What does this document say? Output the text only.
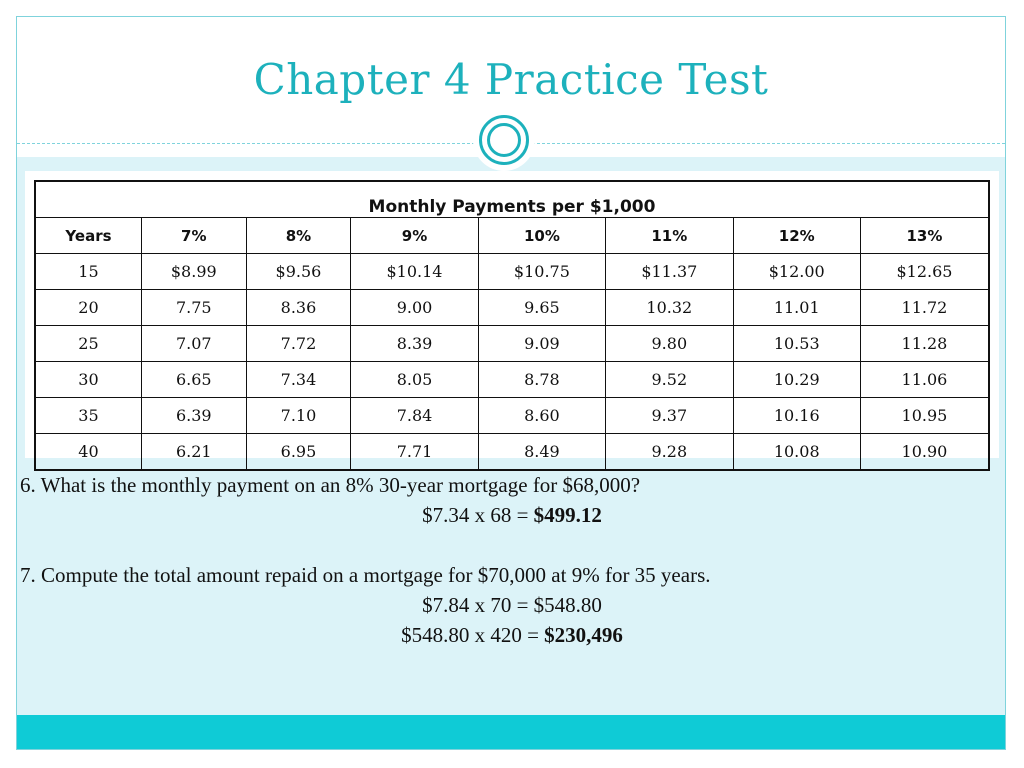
Chapter 4 Practice Test
Monthly Payments per $1,000							
Years	7%	8%	9%	10%	11%	12%	13%
15	$8.99	$9.56	$10.14	$10.75	$11.37	$12.00	$12.65
20	7.75	8.36	9.00	9.65	10.32	11.01	11.72
25	7.07	7.72	8.39	9.09	9.80	10.53	11.28
30	6.65	7.34	8.05	8.78	9.52	10.29	11.06
35	6.39	7.10	7.84	8.60	9.37	10.16	10.95
40	6.21	6.95	7.71	8.49	9.28	10.08	10.90
6. What is the monthly payment on an 8% 30-year mortgage for $68,000?
$7.34 x 68 = $499.12
7. Compute the total amount repaid on a mortgage for $70,000 at 9% for 35 years.
$7.84 x 70 = $548.80
$548.80 x 420 = $230,496
